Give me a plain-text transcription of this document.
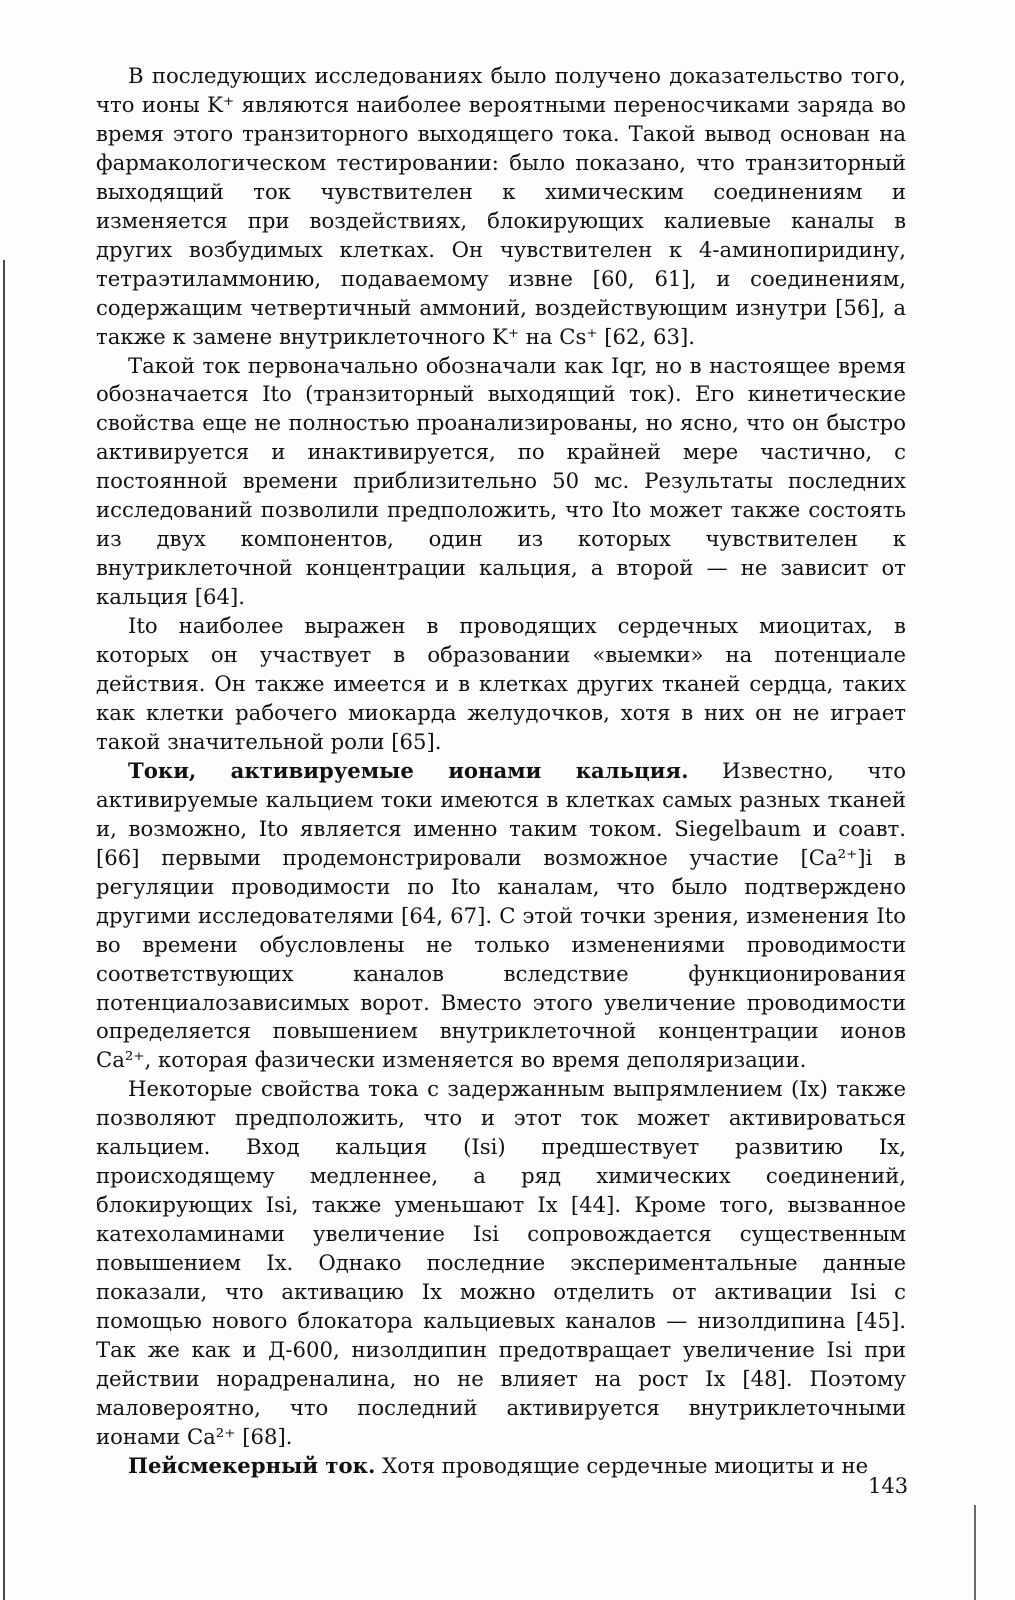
В последующих исследованиях было получено доказательство того, что ионы K⁺ являются наиболее вероятными переносчиками заряда во время этого транзиторного выходящего тока. Такой вывод основан на фармакологическом тестировании: было показано, что транзиторный выходящий ток чувствителен к химическим соединениям и изменяется при воздействиях, блокирующих калиевые каналы в других возбудимых клетках. Он чувствителен к 4-аминопиридину, тетраэтиламмонию, подаваемому извне [60, 61], и соединениям, содержащим четвертичный аммоний, воздействующим изнутри [56], а также к замене внутриклеточного K⁺ на Cs⁺ [62, 63].

Такой ток первоначально обозначали как Iqr, но в настоящее время обозначается Ito (транзиторный выходящий ток). Его кинетические свойства еще не полностью проанализированы, но ясно, что он быстро активируется и инактивируется, по крайней мере частично, с постоянной времени приблизительно 50 мс. Результаты последних исследований позволили предположить, что Ito может также состоять из двух компонентов, один из которых чувствителен к внутриклеточной концентрации кальция, а второй — не зависит от кальция [64].

Ito наиболее выражен в проводящих сердечных миоцитах, в которых он участвует в образовании «выемки» на потенциале действия. Он также имеется и в клетках других тканей сердца, таких как клетки рабочего миокарда желудочков, хотя в них он не играет такой значительной роли [65].

Токи, активируемые ионами кальция. Известно, что активируемые кальцием токи имеются в клетках самых разных тканей и, возможно, Ito является именно таким током. Siegelbaum и соавт. [66] первыми продемонстрировали возможное участие [Ca²⁺]i в регуляции проводимости по Ito каналам, что было подтверждено другими исследователями [64, 67]. С этой точки зрения, изменения Ito во времени обусловлены не только изменениями проводимости соответствующих каналов вследствие функционирования потенциалозависимых ворот. Вместо этого увеличение проводимости определяется повышением внутриклеточной концентрации ионов Ca²⁺, которая фазически изменяется во время деполяризации.

Некоторые свойства тока с задержанным выпрямлением (Ix) также позволяют предположить, что и этот ток может активироваться кальцием. Вход кальция (Isi) предшествует развитию Ix, происходящему медленнее, а ряд химических соединений, блокирующих Isi, также уменьшают Ix [44]. Кроме того, вызванное катехоламинами увеличение Isi сопровождается существенным повышением Ix. Однако последние экспериментальные данные показали, что активацию Ix можно отделить от активации Isi с помощью нового блокатора кальциевых каналов — низолдипина [45]. Так же как и Д-600, низолдипин предотвращает увеличение Isi при действии норадреналина, но не влияет на рост Ix [48]. Поэтому маловероятно, что последний активируется внутриклеточными ионами Ca²⁺ [68].

Пейсмекерный ток. Хотя проводящие сердечные миоциты и не

143
